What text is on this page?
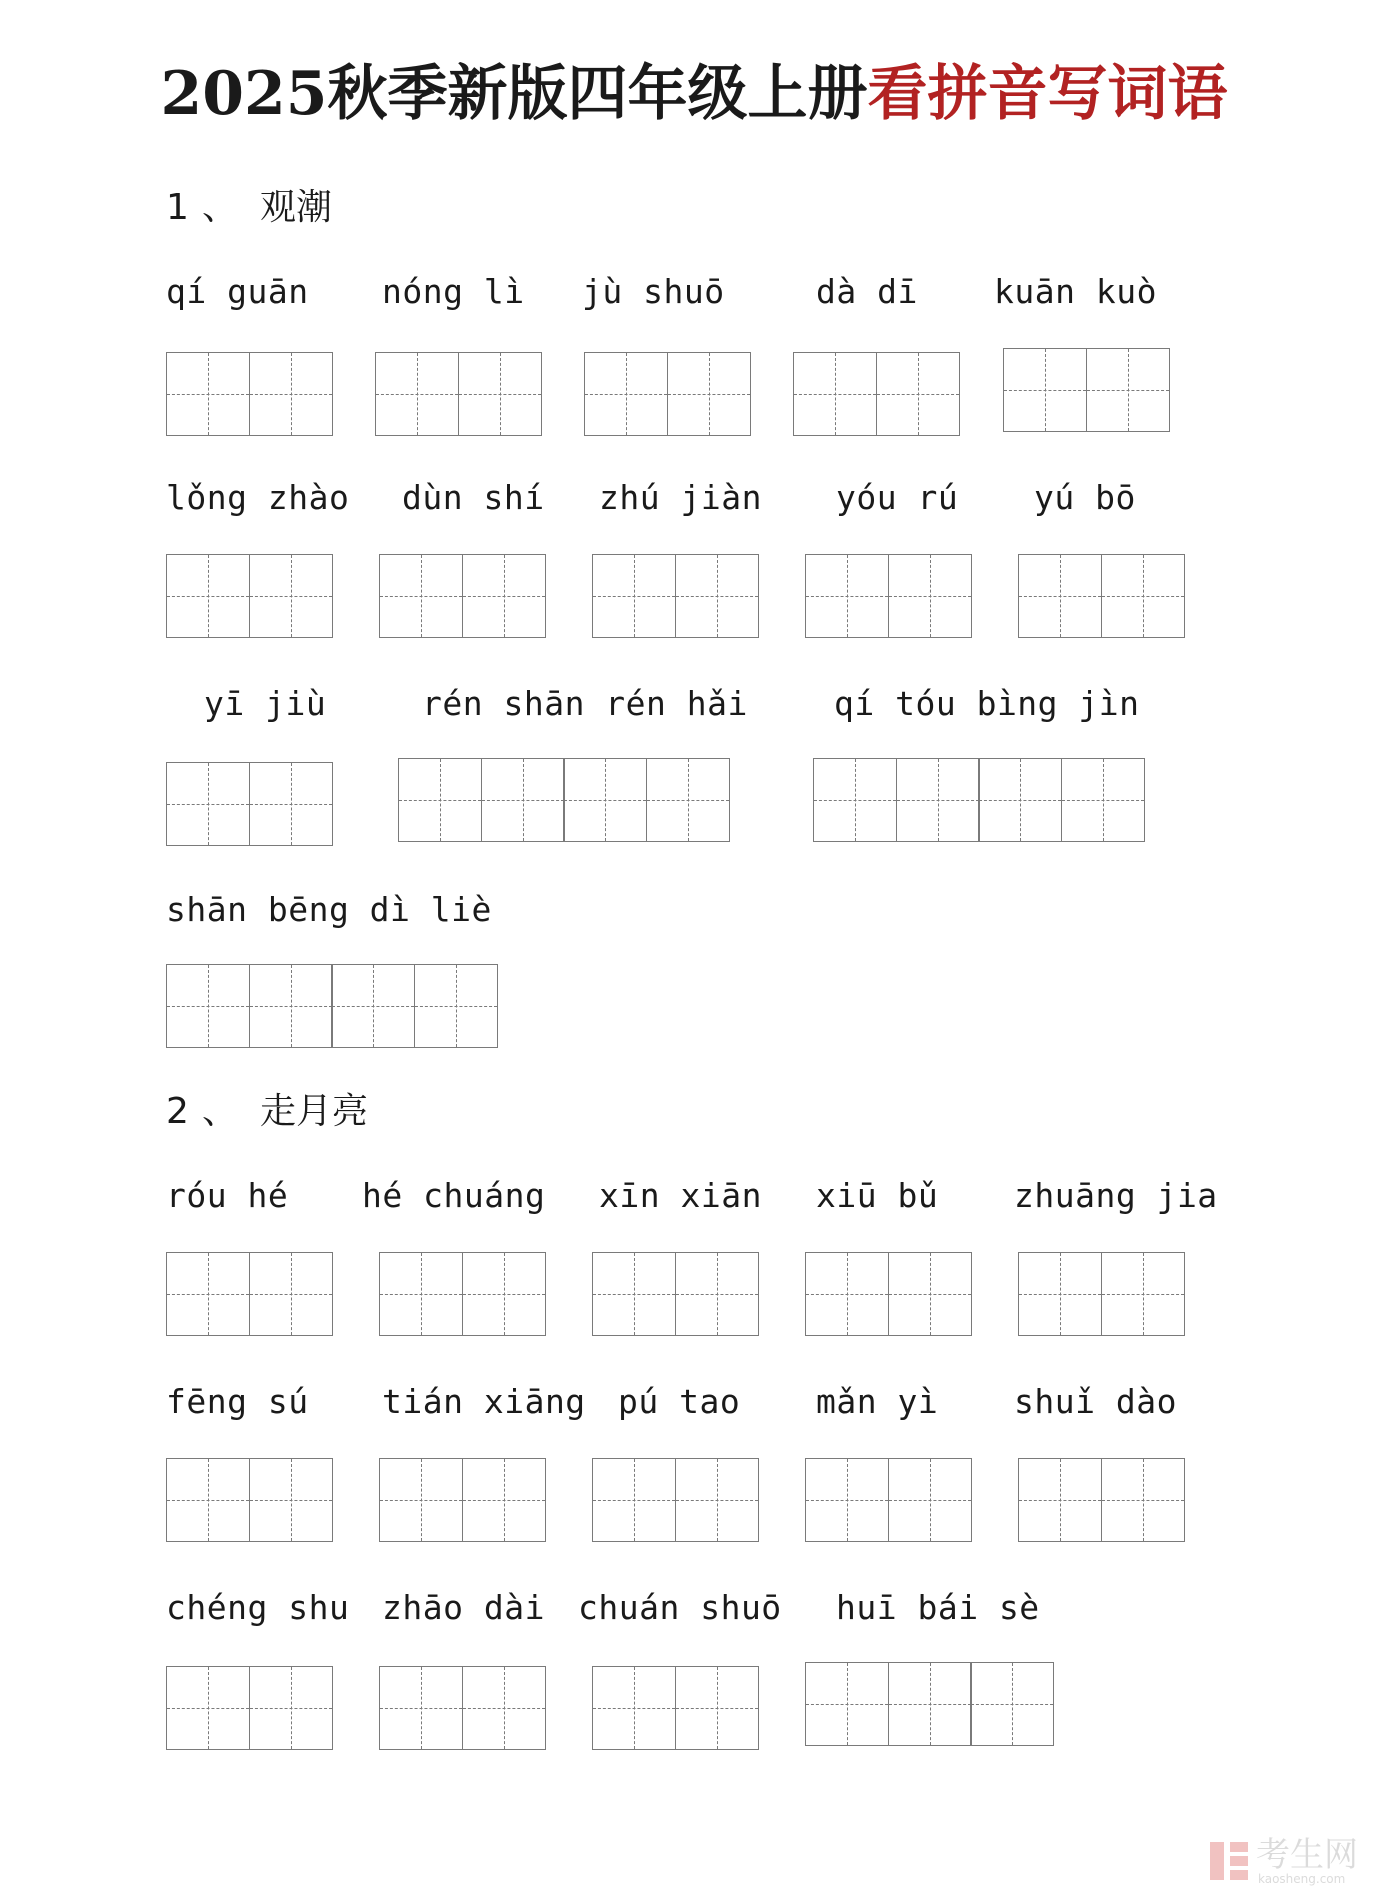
2025秋季新版四年级上册看拼音写词语
1 、 观潮
qí guān nóng lì jù shuō	dà dī kuān kuò
lǒng zhào dùn shí zhú jiàn yóu rú yú bō
yī jiù	rén shān rén hǎi	qí tóu bìng jìn
shān bēng dì liè
2 、 走月亮
róu hé hé chuáng xīn xiān xiū bǔ zhuāng jia
fēng sú tián xiāng pú tao mǎn yì shuǐ dào
chéng shu zhāo dài chuán shuō huī bái sè
考生网
kaosheng.com
